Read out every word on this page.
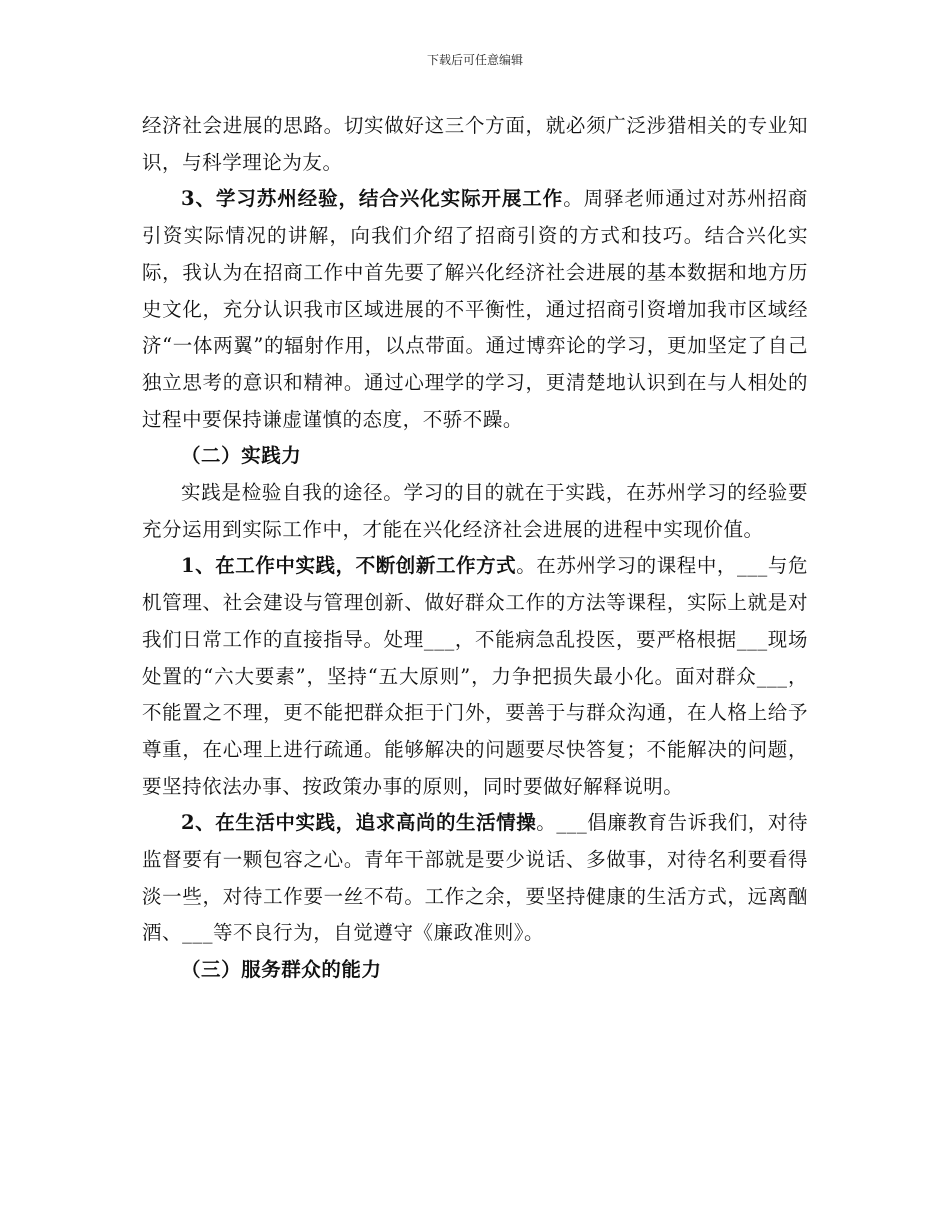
下载后可任意编辑

经济社会进展的思路。切实做好这三个方面，就必须广泛涉猎相关的专业知识，与科学理论为友。

3、学习苏州经验，结合兴化实际开展工作。周驿老师通过对苏州招商引资实际情况的讲解，向我们介绍了招商引资的方式和技巧。结合兴化实际，我认为在招商工作中首先要了解兴化经济社会进展的基本数据和地方历史文化，充分认识我市区域进展的不平衡性，通过招商引资增加我市区域经济“一体两翼”的辐射作用，以点带面。通过博弈论的学习，更加坚定了自己独立思考的意识和精神。通过心理学的学习，更清楚地认识到在与人相处的过程中要保持谦虚谨慎的态度，不骄不躁。

（二）实践力

实践是检验自我的途径。学习的目的就在于实践，在苏州学习的经验要充分运用到实际工作中，才能在兴化经济社会进展的进程中实现价值。

1、在工作中实践，不断创新工作方式。在苏州学习的课程中，___与危机管理、社会建设与管理创新、做好群众工作的方法等课程，实际上就是对我们日常工作的直接指导。处理___，不能病急乱投医，要严格根据___现场处置的“六大要素”，坚持“五大原则”，力争把损失最小化。面对群众___，不能置之不理，更不能把群众拒于门外，要善于与群众沟通，在人格上给予尊重，在心理上进行疏通。能够解决的问题要尽快答复；不能解决的问题，要坚持依法办事、按政策办事的原则，同时要做好解释说明。

2、在生活中实践，追求高尚的生活情操。___倡廉教育告诉我们，对待监督要有一颗包容之心。青年干部就是要少说话、多做事，对待名利要看得淡一些，对待工作要一丝不苟。工作之余，要坚持健康的生活方式，远离酗酒、___等不良行为，自觉遵守《廉政准则》。

（三）服务群众的能力
